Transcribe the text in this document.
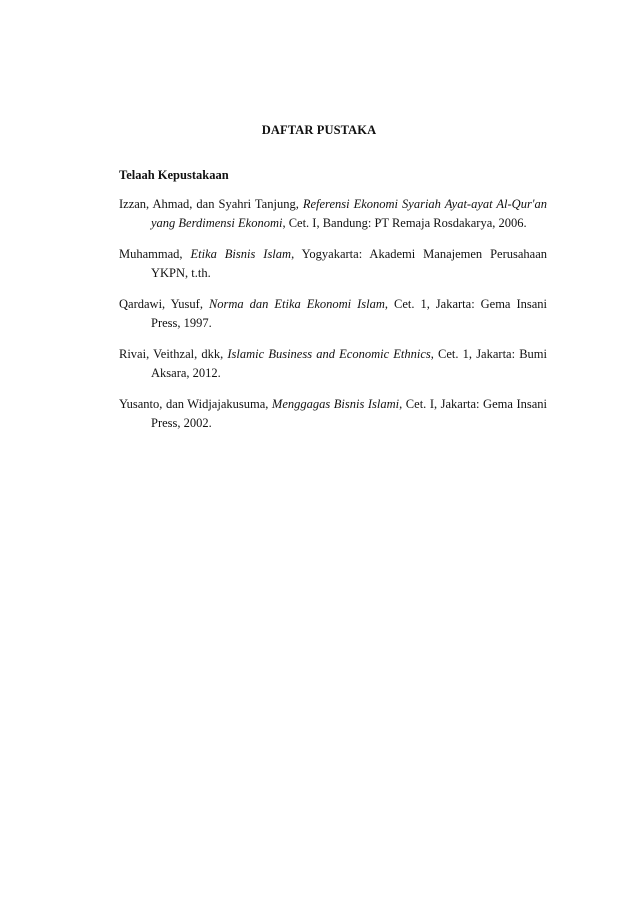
DAFTAR PUSTAKA
Telaah Kepustakaan

Izzan, Ahmad, dan Syahri Tanjung, Referensi Ekonomi Syariah Ayat-ayat Al-Qur'an yang Berdimensi Ekonomi, Cet. I, Bandung: PT Remaja Rosdakarya, 2006.

Muhammad, Etika Bisnis Islam, Yogyakarta: Akademi Manajemen Perusahaan YKPN, t.th.

Qardawi, Yusuf, Norma dan Etika Ekonomi Islam, Cet. 1, Jakarta: Gema Insani Press, 1997.

Rivai, Veithzal, dkk, Islamic Business and Economic Ethnics, Cet. 1, Jakarta: Bumi Aksara, 2012.

Yusanto, dan Widjajakusuma, Menggagas Bisnis Islami, Cet. I, Jakarta: Gema Insani Press, 2002.
